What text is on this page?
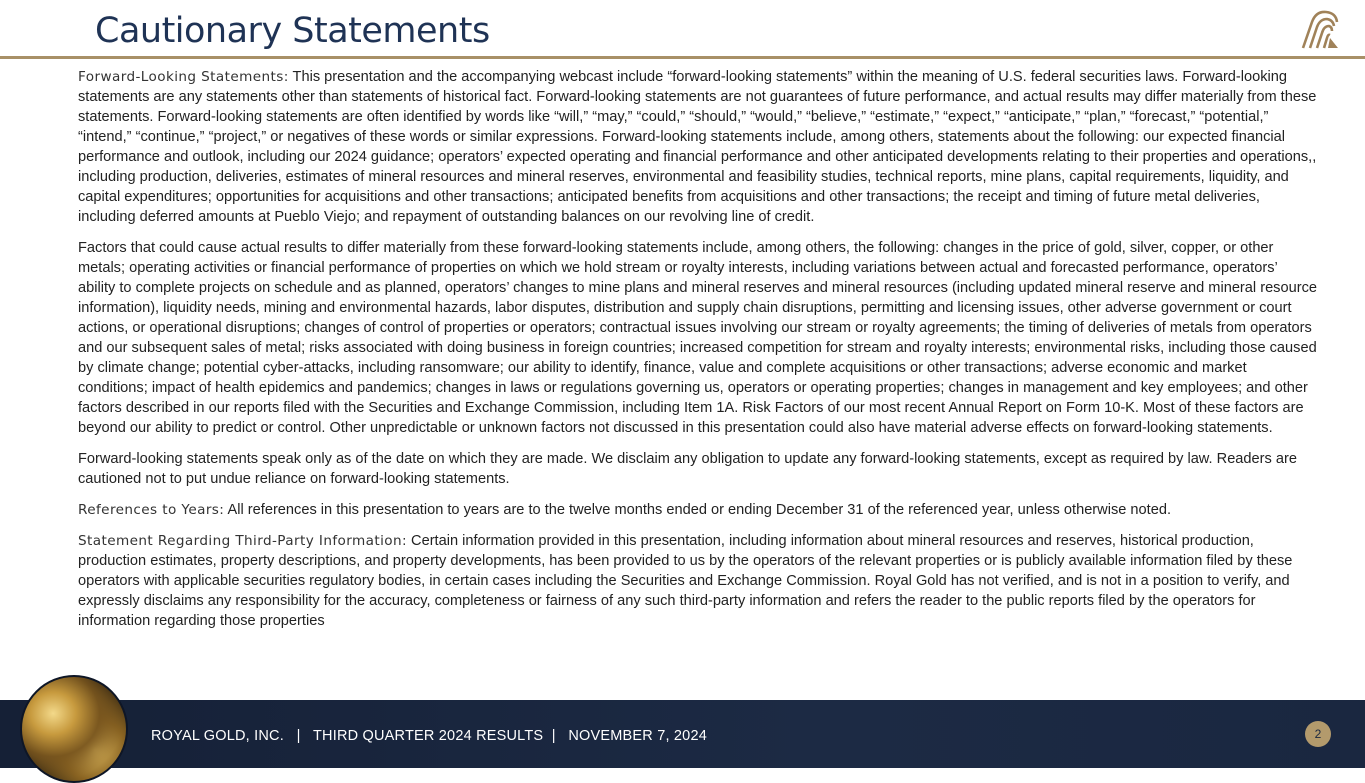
Cautionary Statements

Forward-Looking Statements: This presentation and the accompanying webcast include “forward-looking statements” within the meaning of U.S. federal securities laws. Forward-looking statements are any statements other than statements of historical fact. Forward-looking statements are not guarantees of future performance, and actual results may differ materially from these statements. Forward-looking statements are often identified by words like “will,” “may,” “could,” “should,” “would,” “believe,” “estimate,” “expect,” “anticipate,” “plan,” “forecast,” “potential,” “intend,” “continue,” “project,” or negatives of these words or similar expressions. Forward-looking statements include, among others, statements about the following: our expected financial performance and outlook, including our 2024 guidance; operators’ expected operating and financial performance and other anticipated developments relating to their properties and operations,, including production, deliveries, estimates of mineral resources and mineral reserves, environmental and feasibility studies, technical reports, mine plans, capital requirements, liquidity, and capital expenditures; opportunities for acquisitions and other transactions; anticipated benefits from acquisitions and other transactions; the receipt and timing of future metal deliveries, including deferred amounts at Pueblo Viejo; and repayment of outstanding balances on our revolving line of credit.

Factors that could cause actual results to differ materially from these forward-looking statements include, among others, the following: changes in the price of gold, silver, copper, or other metals; operating activities or financial performance of properties on which we hold stream or royalty interests, including variations between actual and forecasted performance, operators’ ability to complete projects on schedule and as planned, operators’ changes to mine plans and mineral reserves and mineral resources (including updated mineral reserve and mineral resource information), liquidity needs, mining and environmental hazards, labor disputes, distribution and supply chain disruptions, permitting and licensing issues, other adverse government or court actions, or operational disruptions; changes of control of properties or operators; contractual issues involving our stream or royalty agreements; the timing of deliveries of metals from operators and our subsequent sales of metal; risks associated with doing business in foreign countries; increased competition for stream and royalty interests; environmental risks, including those caused by climate change; potential cyber-attacks, including ransomware; our ability to identify, finance, value and complete acquisitions or other transactions; adverse economic and market conditions; impact of health epidemics and pandemics; changes in laws or regulations governing us, operators or operating properties; changes in management and key employees; and other factors described in our reports filed with the Securities and Exchange Commission, including Item 1A. Risk Factors of our most recent Annual Report on Form 10-K. Most of these factors are beyond our ability to predict or control. Other unpredictable or unknown factors not discussed in this presentation could also have material adverse effects on forward-looking statements.

Forward-looking statements speak only as of the date on which they are made. We disclaim any obligation to update any forward-looking statements, except as required by law. Readers are cautioned not to put undue reliance on forward-looking statements.

References to Years: All references in this presentation to years are to the twelve months ended or ending December 31 of the referenced year, unless otherwise noted.

Statement Regarding Third-Party Information: Certain information provided in this presentation, including information about mineral resources and reserves, historical production, production estimates, property descriptions, and property developments, has been provided to us by the operators of the relevant properties or is publicly available information filed by these operators with applicable securities regulatory bodies, in certain cases including the Securities and Exchange Commission. Royal Gold has not verified, and is not in a position to verify, and expressly disclaims any responsibility for the accuracy, completeness or fairness of any such third-party information and refers the reader to the public reports filed by the operators for information regarding those properties

ROYAL GOLD, INC.   |   THIRD QUARTER 2024 RESULTS  |   NOVEMBER 7, 2024	2
